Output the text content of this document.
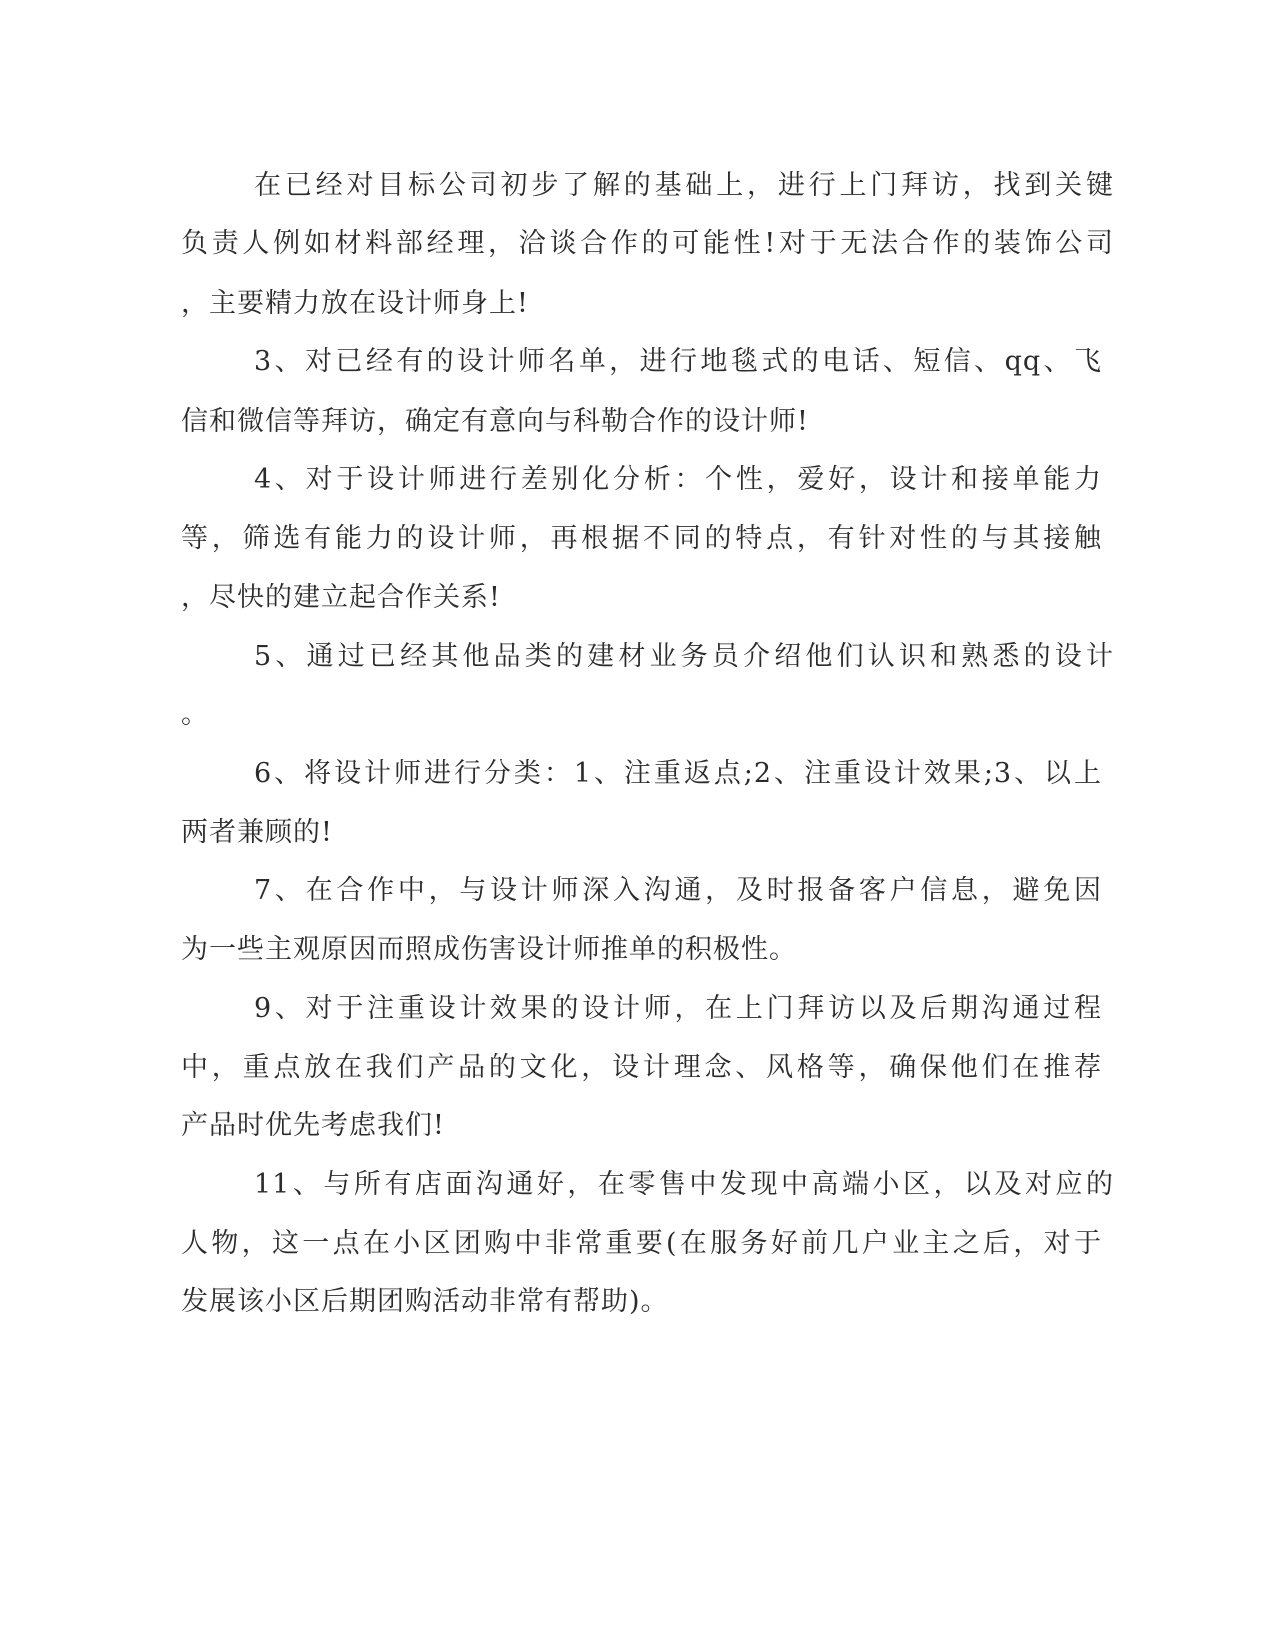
在已经对目标公司初步了解的基础上，进行上门拜访，找到关键

负责人例如材料部经理，洽谈合作的可能性!对于无法合作的装饰公司

，主要精力放在设计师身上!

3、对已经有的设计师名单，进行地毯式的电话、短信、qq、飞

信和微信等拜访，确定有意向与科勒合作的设计师!

4、对于设计师进行差别化分析：个性，爱好，设计和接单能力

等，筛选有能力的设计师，再根据不同的特点，有针对性的与其接触

，尽快的建立起合作关系!

5、通过已经其他品类的建材业务员介绍他们认识和熟悉的设计

。

6、将设计师进行分类：1、注重返点;2、注重设计效果;3、以上

两者兼顾的!

7、在合作中，与设计师深入沟通，及时报备客户信息，避免因

为一些主观原因而照成伤害设计师推单的积极性。

9、对于注重设计效果的设计师，在上门拜访以及后期沟通过程

中，重点放在我们产品的文化，设计理念、风格等，确保他们在推荐

产品时优先考虑我们!

11、与所有店面沟通好，在零售中发现中高端小区，以及对应的

人物，这一点在小区团购中非常重要(在服务好前几户业主之后，对于

发展该小区后期团购活动非常有帮助)。
